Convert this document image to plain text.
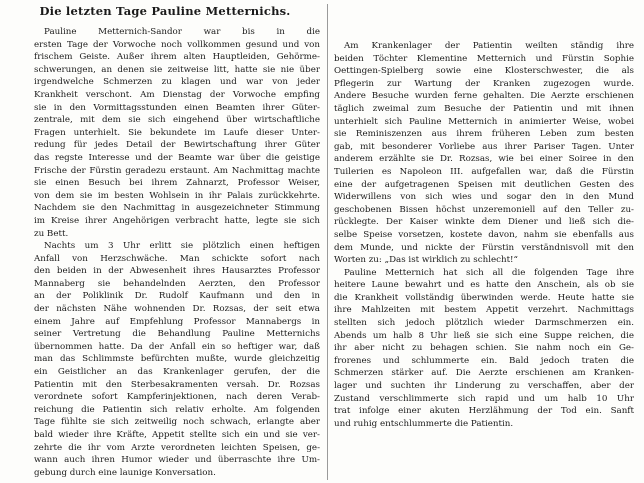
Die letzten Tage Pauline Metternichs.
Pauline Metternich-Sandor war bis in die
ersten Tage der Vorwoche noch vollkommen gesund und von
frischem Geiste. Außer ihrem alten Hauptleiden, Gehörme-
schwerungen, an denen sie zeitweise litt, hatte sie nie über
irgendwelche Schmerzen zu klagen und war von jeder
Krankheit verschont. Am Dienstag der Vorwoche empfing
sie in den Vormittagsstunden einen Beamten ihrer Güter-
zentrale, mit dem sie sich eingehend über wirtschaftliche
Fragen unterhielt. Sie bekundete im Laufe dieser Unter-
redung für jedes Detail der Bewirtschaftung ihrer Güter
das regste Interesse und der Beamte war über die geistige
Frische der Fürstin geradezu erstaunt. Am Nachmittag machte
sie einen Besuch bei ihrem Zahnarzt, Professor Weiser,
von dem sie im besten Wohlsein in ihr Palais zurückkehrte.
Nachdem sie den Nachmittag in ausgezeichneter Stimmung
im Kreise ihrer Angehörigen verbracht hatte, legte sie sich
zu Bett.
Nachts um 3 Uhr erlitt sie plötzlich einen heftigen
Anfall von Herzschwäche. Man schickte sofort nach
den beiden in der Abwesenheit ihres Hausarztes Professor
Mannaberg sie behandelnden Aerzten, den Professor
an der Poliklinik Dr. Rudolf Kaufmann und den in
der nächsten Nähe wohnenden Dr. Rozsas, der seit etwa
einem Jahre auf Empfehlung Professor Mannabergs in
seiner Vertretung die Behandlung Pauline Metternichs
übernommen hatte. Da der Anfall ein so heftiger war, daß
man das Schlimmste befürchten mußte, wurde gleichzeitig
ein Geistlicher an das Krankenlager gerufen, der die
Patientin mit den Sterbesakramenten versah. Dr. Rozsas
verordnete sofort Kampferinjektionen, nach deren Verab-
reichung die Patientin sich relativ erholte. Am folgenden
Tage fühlte sie sich zeitweilig noch schwach, erlangte aber
bald wieder ihre Kräfte, Appetit stellte sich ein und sie ver-
zehrte die ihr vom Arzte verordneten leichten Speisen, ge-
wann auch ihren Humor wieder und überraschte ihre Um-
gebung durch eine launige Konversation.
Am Krankenlager der Patientin weilten ständig ihre
beiden Töchter Klementine Metternich und Fürstin Sophie
Oettingen-Spielberg sowie eine Klosterschwester, die als
Pflegerin zur Wartung der Kranken zugezogen wurde.
Andere Besuche wurden ferne gehalten. Die Aerzte erschienen
täglich zweimal zum Besuche der Patientin und mit ihnen
unterhielt sich Pauline Metternich in animierter Weise, wobei
sie Reminiszenzen aus ihrem früheren Leben zum besten
gab, mit besonderer Vorliebe aus ihrer Pariser Tagen. Unter
anderem erzählte sie Dr. Rozsas, wie bei einer Soiree in den
Tuilerien es Napoleon III. aufgefallen war, daß die Fürstin
eine der aufgetragenen Speisen mit deutlichen Gesten des
Widerwillens von sich wies und sogar den in den Mund
geschobenen Bissen höchst unzeremoniell auf den Teller zu-
rücklegte. Der Kaiser winkte dem Diener und ließ sich die-
selbe Speise vorsetzen, kostete davon, nahm sie ebenfalls aus
dem Munde, und nickte der Fürstin verständnisvoll mit den
Worten zu: „Das ist wirklich zu schlecht!“
Pauline Metternich hat sich all die folgenden Tage ihre
heitere Laune bewahrt und es hatte den Anschein, als ob sie
die Krankheit vollständig überwinden werde. Heute hatte sie
ihre Mahlzeiten mit bestem Appetit verzehrt. Nachmittags
stellten sich jedoch plötzlich wieder Darmschmerzen ein.
Abends um halb 8 Uhr ließ sie sich eine Suppe reichen, die
ihr aber nicht zu behagen schien. Sie nahm noch ein Ge-
frorenes und schlummerte ein. Bald jedoch traten die
Schmerzen stärker auf. Die Aerzte erschienen am Kranken-
lager und suchten ihr Linderung zu verschaffen, aber der
Zustand verschlimmerte sich rapid und um halb 10 Uhr
trat infolge einer akuten Herzlähmung der Tod ein. Sanft
und ruhig entschlummerte die Patientin.
